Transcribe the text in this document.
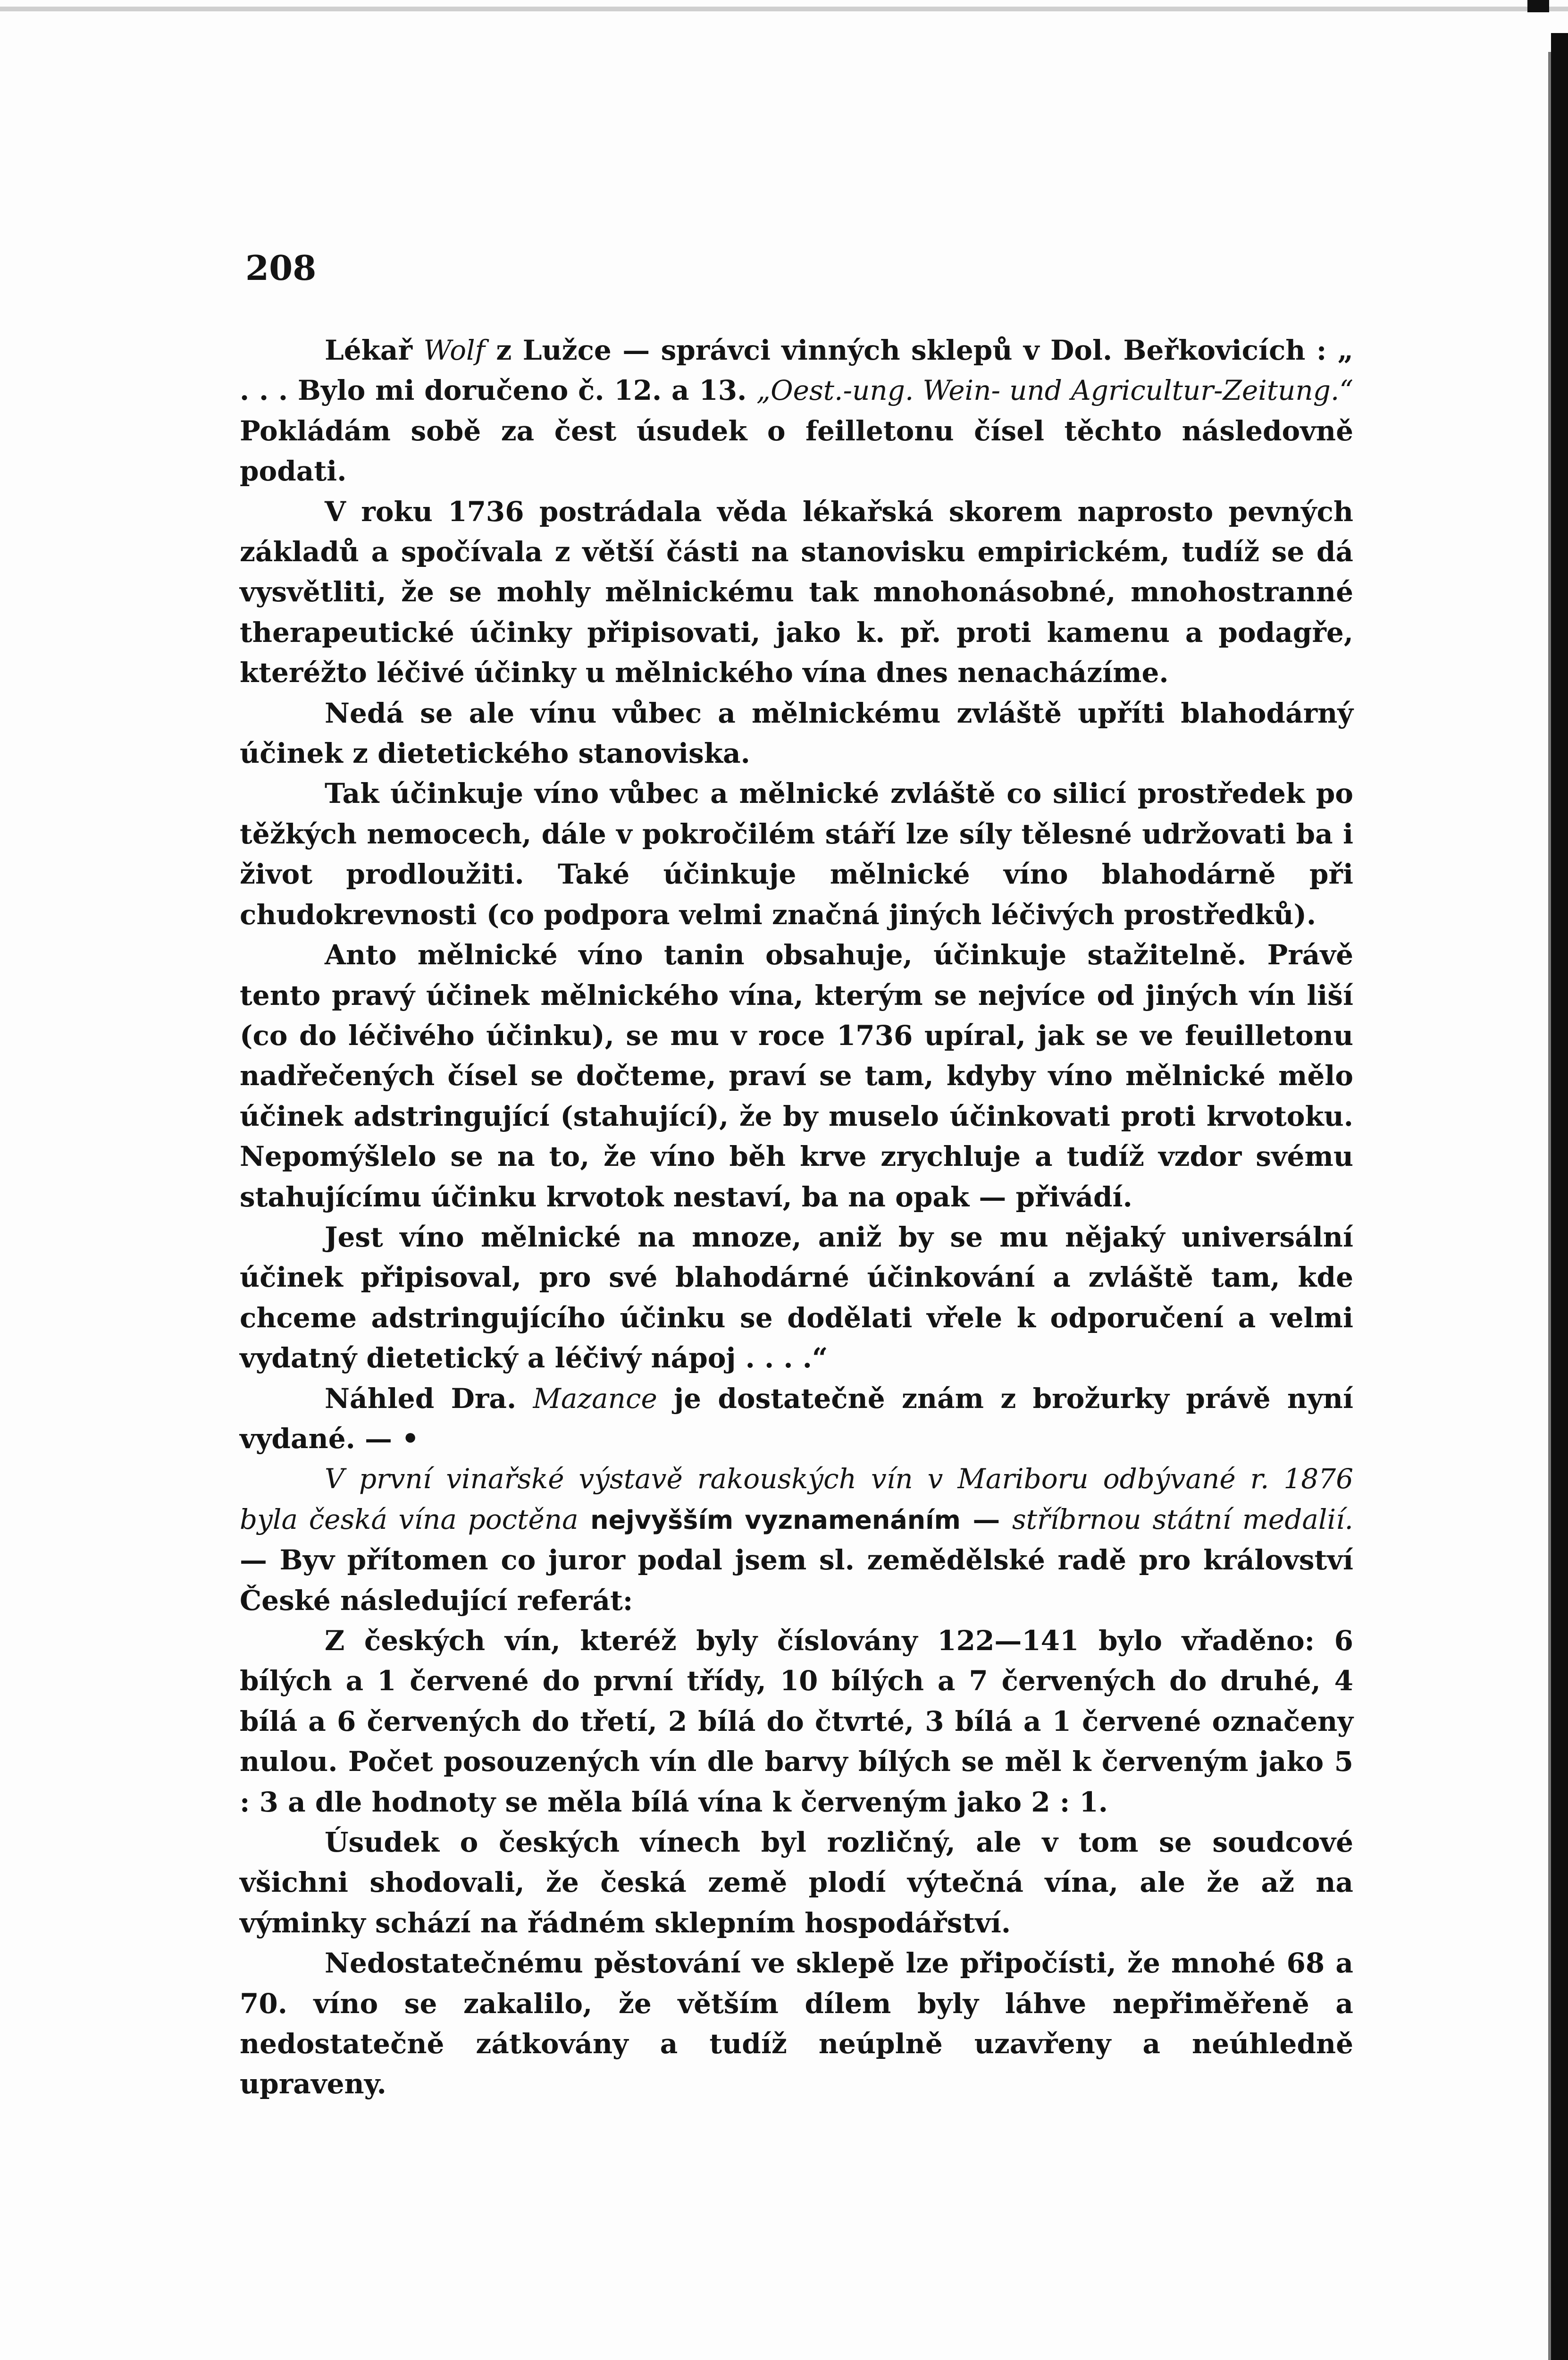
208

Lékař Wolf z Lužce — správci vinných sklepů v Dol. Beřkovicích : „ . . . Bylo mi doručeno č. 12. a 13. „Oest.-ung. Wein- und Agricultur-Zeitung.“ Pokládám sobě za čest úsudek o feilletonu čísel těchto následovně podati.

V roku 1736 postrádala věda lékařská skorem naprosto pevných základů a spočívala z větší části na stanovisku empirickém, tudíž se dá vysvětliti, že se mohly mělnickému tak mnohonásobné, mnohostranné therapeutické účinky připisovati, jako k. př. proti kamenu a podagře, kteréžto léčivé účinky u mělnického vína dnes nenacházíme.

Nedá se ale vínu vůbec a mělnickému zvláště upříti blahodárný účinek z dietetického stanoviska.

Tak účinkuje víno vůbec a mělnické zvláště co silicí prostředek po těžkých nemocech, dále v pokročilém stáří lze síly tělesné udržovati ba i život prodloužiti. Také účinkuje mělnické víno blahodárně při chudokrevnosti (co podpora velmi značná jiných léčivých prostředků).

Anto mělnické víno tanin obsahuje, účinkuje stažitelně. Právě tento pravý účinek mělnického vína, kterým se nejvíce od jiných vín liší (co do léčivého účinku), se mu v roce 1736 upíral, jak se ve feuilletonu nadřečených čísel se dočteme, praví se tam, kdyby víno mělnické mělo účinek adstringující (stahující), že by muselo účinkovati proti krvotoku. Nepomýšlelo se na to, že víno běh krve zrychluje a tudíž vzdor svému stahujícímu účinku krvotok nestaví, ba na opak — přivádí.

Jest víno mělnické na mnoze, aniž by se mu nějaký universální účinek připisoval, pro své blahodárné účinkování a zvláště tam, kde chceme adstringujícího účinku se dodělati vřele k odporučení a velmi vydatný dietetický a léčivý nápoj . . . .“

Náhled Dra. Mazance je dostatečně znám z brožurky právě nyní vydané. — •

V první vinařské výstavě rakouských vín v Mariboru odbývané r. 1876 byla česká vína poctěna nejvyšším vyznamenáním — stříbrnou státní medalií. — Byv přítomen co juror podal jsem sl. zemědělské radě pro království České následující referát:

Z českých vín, kteréž byly číslovány 122—141 bylo vřaděno: 6 bílých a 1 červené do první třídy, 10 bílých a 7 červených do druhé, 4 bílá a 6 červených do třetí, 2 bílá do čtvrté, 3 bílá a 1 červené označeny nulou. Počet posouzených vín dle barvy bílých se měl k červeným jako 5 : 3 a dle hodnoty se měla bílá vína k červeným jako 2 : 1.

Úsudek o českých vínech byl rozličný, ale v tom se soudcové všichni shodovali, že česká země plodí výtečná vína, ale že až na výminky schází na řádném sklepním hospodářství.

Nedostatečnému pěstování ve sklepě lze připočísti, že mnohé 68 a 70. víno se zakalilo, že větším dílem byly láhve nepřiměřeně a nedostatečně zátkovány a tudíž neúplně uzavřeny a neúhledně upraveny.
